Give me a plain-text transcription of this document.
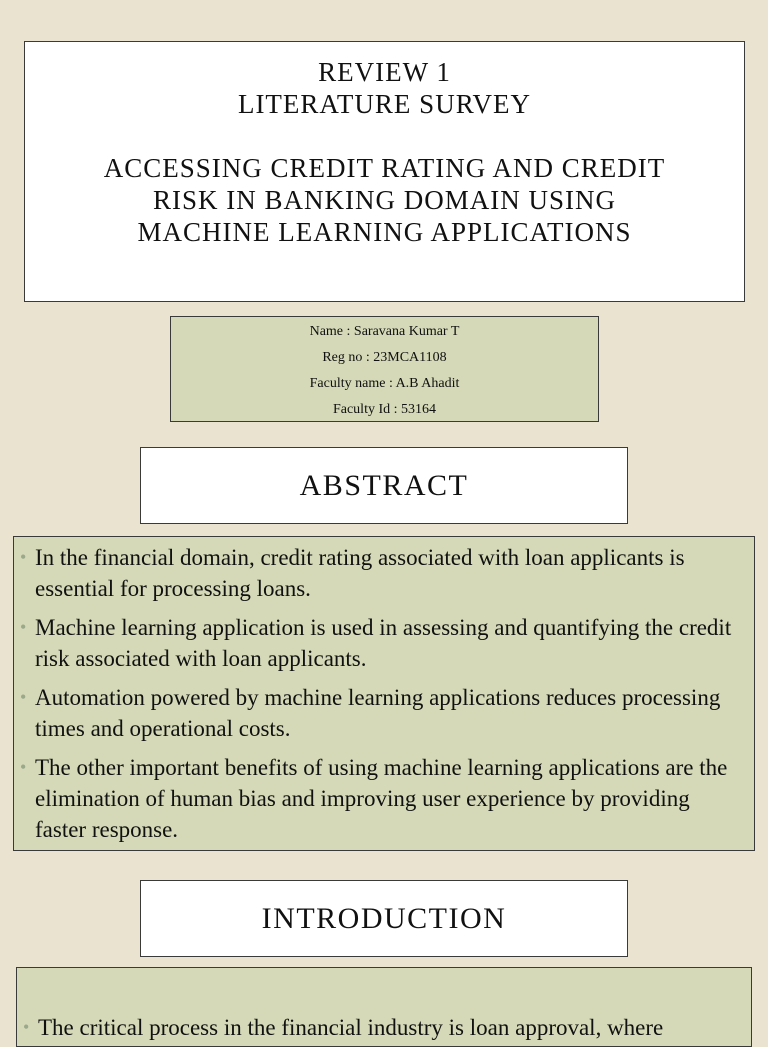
REVIEW 1
LITERATURE SURVEY
ACCESSING CREDIT RATING AND CREDIT
RISK IN BANKING DOMAIN USING
MACHINE LEARNING APPLICATIONS
Name : Saravana Kumar T
Reg no : 23MCA1108
Faculty name : A.B Ahadit
Faculty Id : 53164
ABSTRACT
• In the financial domain, credit rating associated with loan applicants is essential for processing loans.
• Machine learning application is used in assessing and quantifying the credit risk associated with loan applicants.
• Automation powered by machine learning applications reduces processing times and operational costs.
• The other important benefits of using machine learning applications are the elimination of human bias and improving user experience by providing faster response.
INTRODUCTION
• The critical process in the financial industry is loan approval, where
